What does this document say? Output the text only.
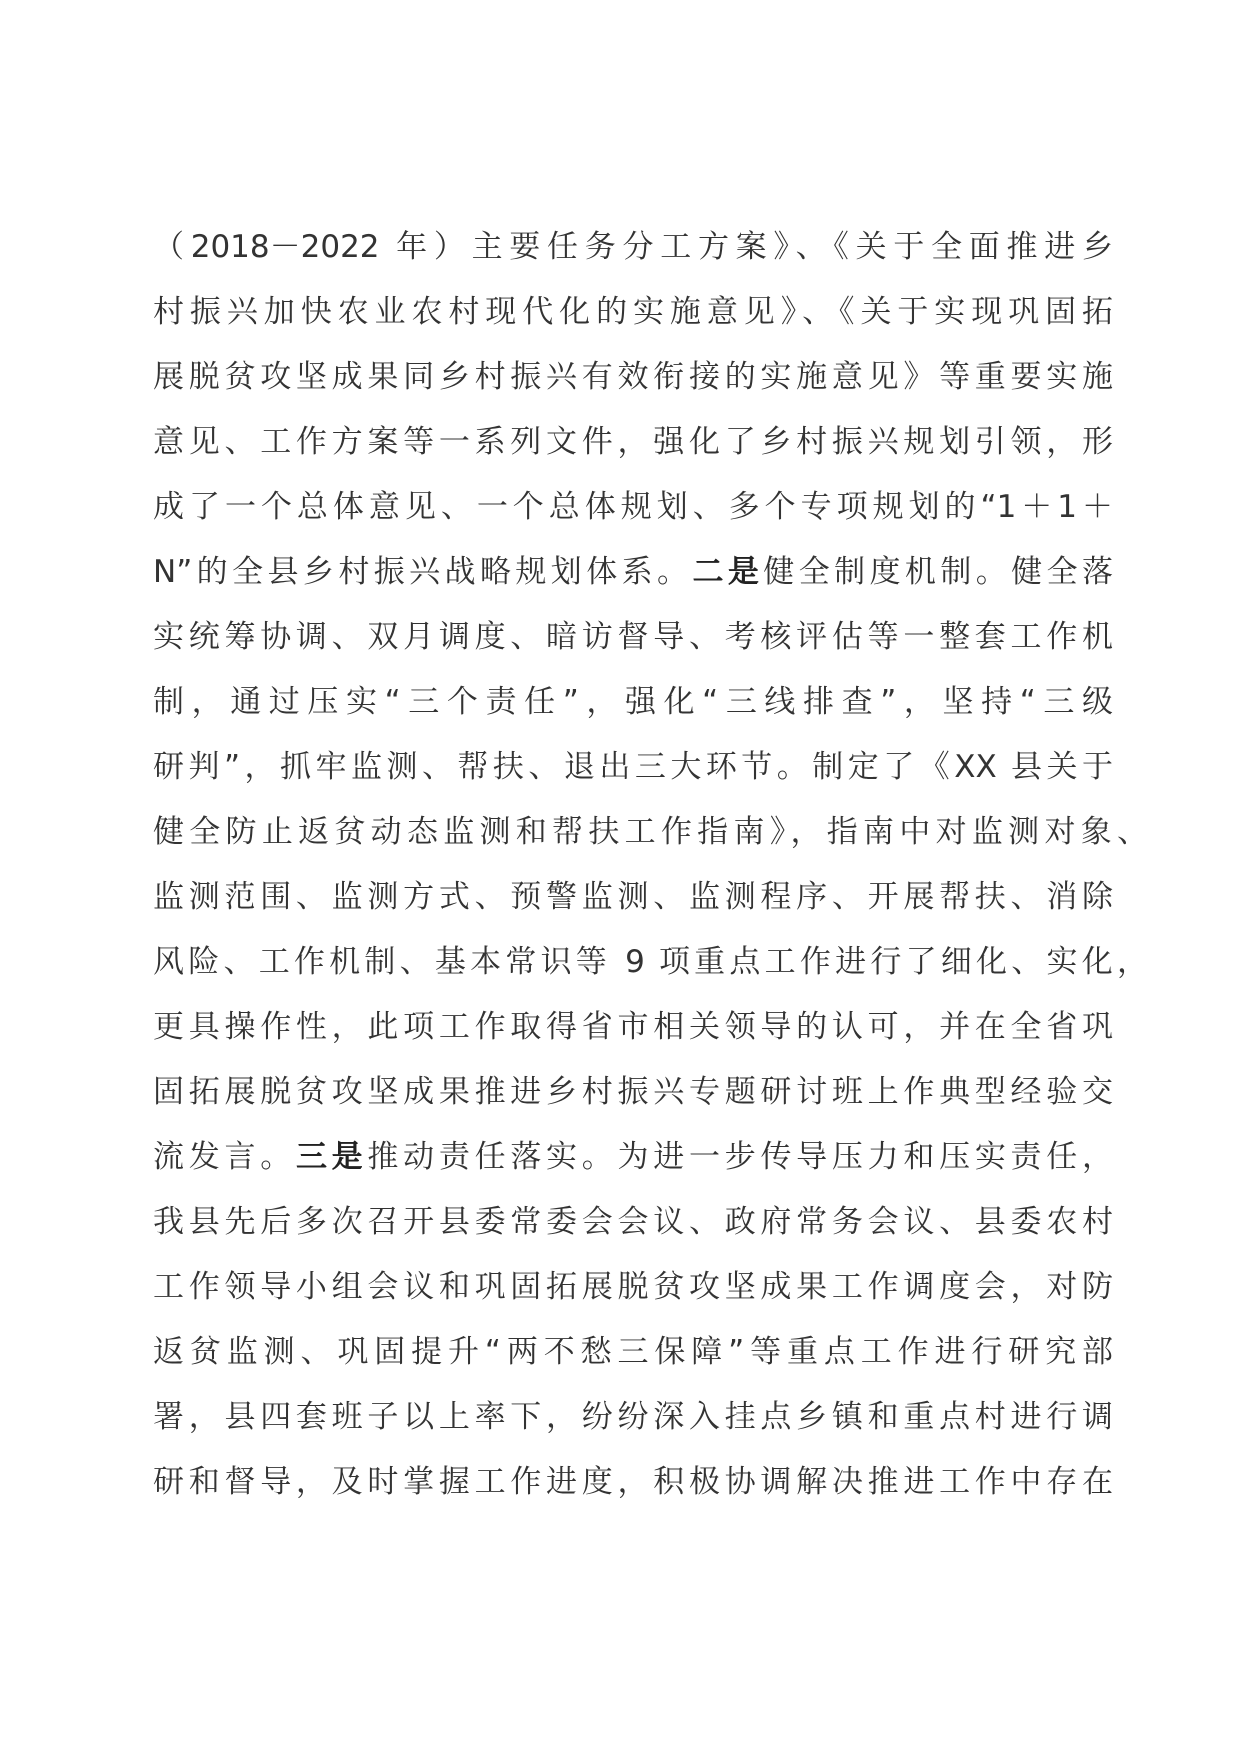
（2018－2022 年）主要任务分工方案》、《关于全面推进乡
村振兴加快农业农村现代化的实施意见》、《关于实现巩固拓
展脱贫攻坚成果同乡村振兴有效衔接的实施意见》等重要实施
意见、工作方案等一系列文件，强化了乡村振兴规划引领，形
成了一个总体意见、一个总体规划、多个专项规划的“1＋1＋
N”的全县乡村振兴战略规划体系。二是健全制度机制。健全落
实统筹协调、双月调度、暗访督导、考核评估等一整套工作机
制，通过压实“三个责任”，强化“三线排查”，坚持“三级
研判”，抓牢监测、帮扶、退出三大环节。制定了《XX 县关于
健全防止返贫动态监测和帮扶工作指南》，指南中对监测对象、
监测范围、监测方式、预警监测、监测程序、开展帮扶、消除
风险、工作机制、基本常识等 9 项重点工作进行了细化、实化，
更具操作性，此项工作取得省市相关领导的认可，并在全省巩
固拓展脱贫攻坚成果推进乡村振兴专题研讨班上作典型经验交
流发言。三是推动责任落实。为进一步传导压力和压实责任，
我县先后多次召开县委常委会会议、政府常务会议、县委农村
工作领导小组会议和巩固拓展脱贫攻坚成果工作调度会，对防
返贫监测、巩固提升“两不愁三保障”等重点工作进行研究部
署，县四套班子以上率下，纷纷深入挂点乡镇和重点村进行调
研和督导，及时掌握工作进度，积极协调解决推进工作中存在
